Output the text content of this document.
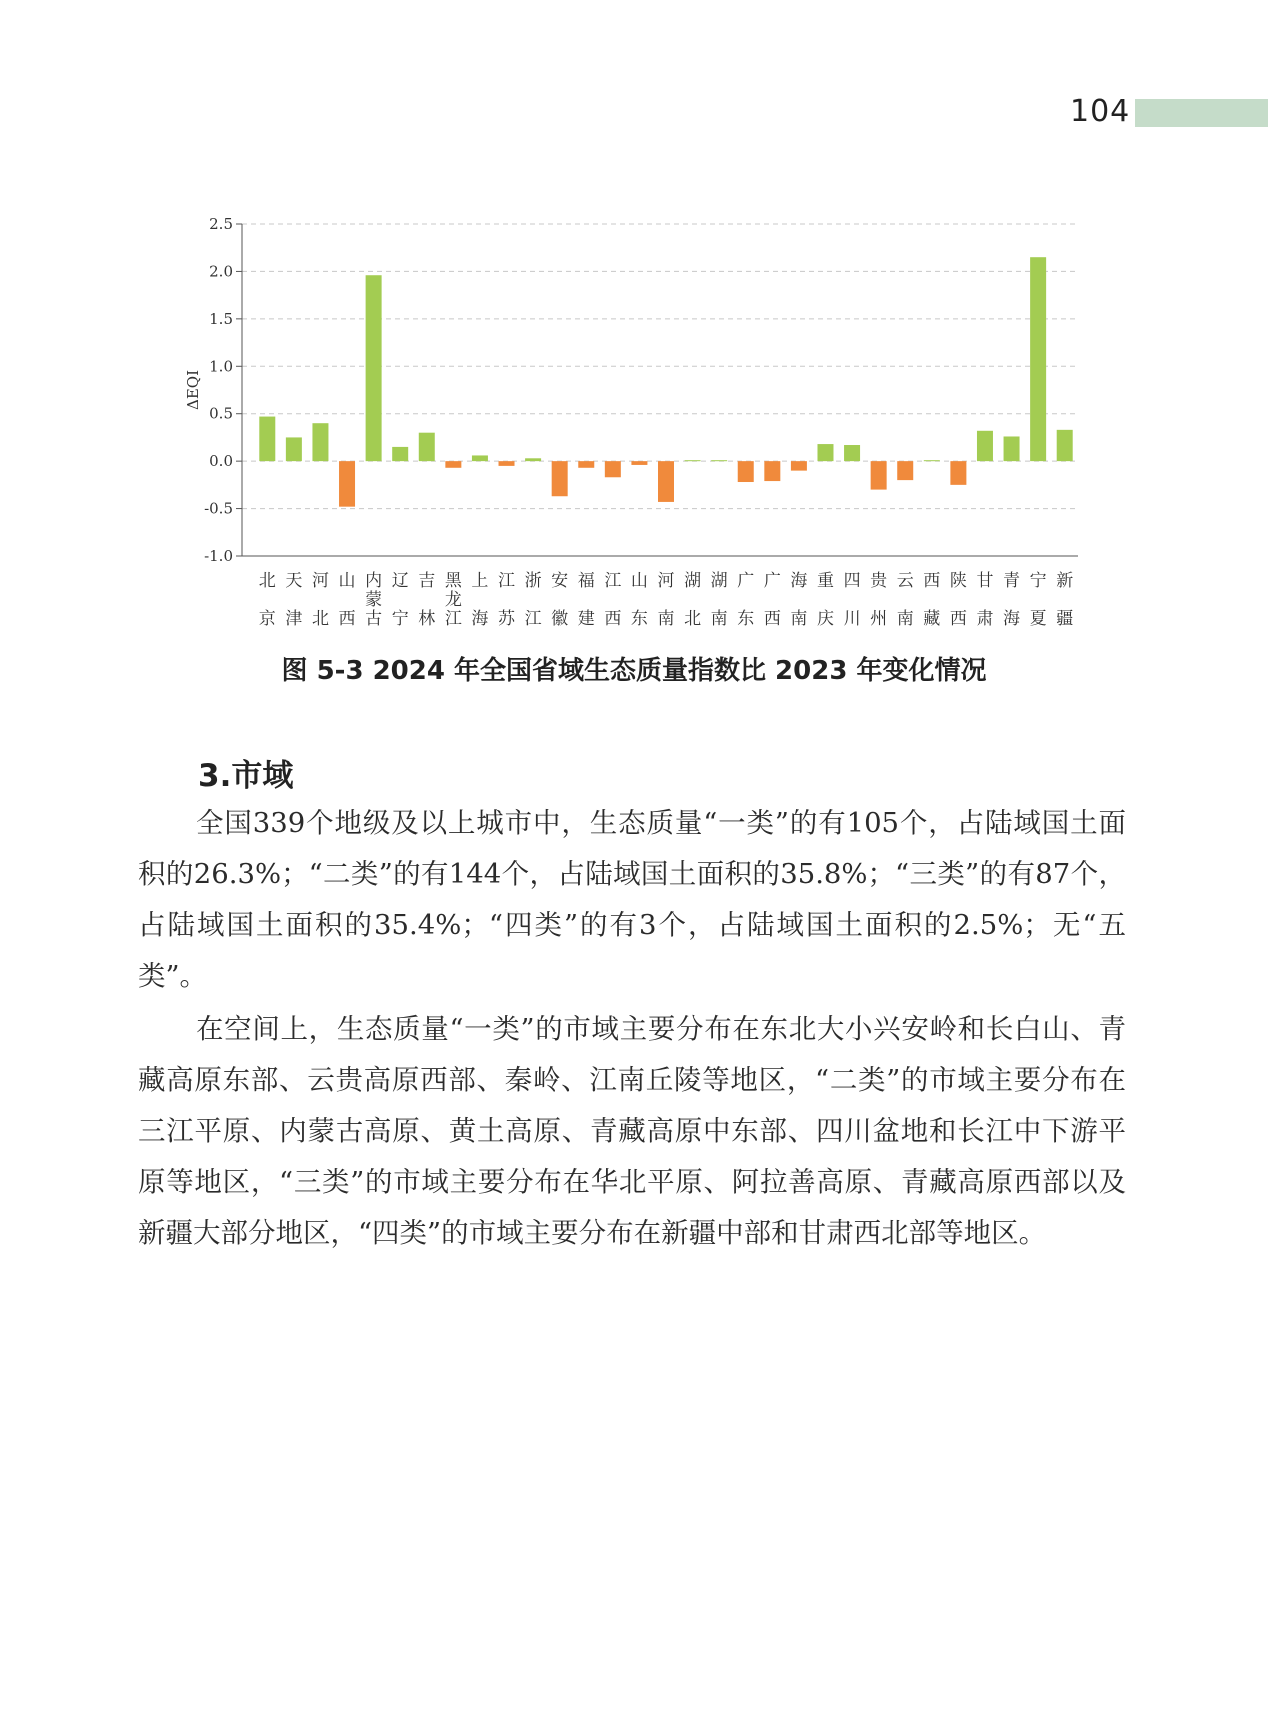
104
-1.0
-0.5
0.0
0.5
1.0
1.5
2.0
2.5
ΔEQI
北 京
天 津
河 北
山 西
内蒙古
辽 宁
吉 林
黑龙江
上 海
江 苏
浙 江
安 徽
福 建
江 西
山 东
河 南
湖 北
湖 南
广 东
广 西
海 南
重 庆
四 川
贵 州
云 南
西 藏
陕 西
甘 肃
青 海
宁 夏
新 疆
图 5-3 2024 年全国省域生态质量指数比 2023 年变化情况
3.市域

全国339个地级及以上城市中，生态质量“一类”的有105个，占陆域国土面积的26.3%；“二类”的有144个，占陆域国土面积的35.8%；“三类”的有87个，占陆域国土面积的35.4%；“四类”的有3个，占陆域国土面积的2.5%；无“五类”。

在空间上，生态质量“一类”的市域主要分布在东北大小兴安岭和长白山、青藏高原东部、云贵高原西部、秦岭、江南丘陵等地区，“二类”的市域主要分布在三江平原、内蒙古高原、黄土高原、青藏高原中东部、四川盆地和长江中下游平原等地区，“三类”的市域主要分布在华北平原、阿拉善高原、青藏高原西部以及新疆大部分地区，“四类”的市域主要分布在新疆中部和甘肃西北部等地区。
